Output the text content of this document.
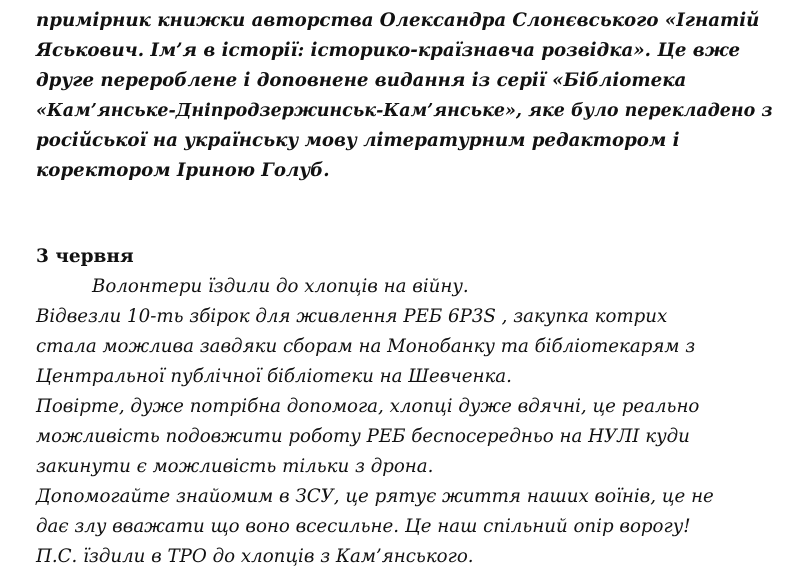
примірник книжки авторства Олександра Слонєвського «Ігнатій
Яськович. Ім’я в історії: історико-країзнавча розвідка». Це вже
друге перероблене і доповнене видання із серії «Бібліотека
«Кам’янське-Дніпродзержинськ-Кам’янське», яке було перекладено з
російської на українську мову літературним редактором і
коректором Іриною Голуб.
3 червня
Волонтери їздили до хлопців на війну.
Відвезли 10-ть збірок для живлення РЕБ 6Р3S , закупка котрих
стала можлива завдяки сборам на Монобанку та бібліотекарям з
Центральної публічної бібліотеки на Шевченка.
Повірте, дуже потрібна допомога, хлопці дуже вдячні, це реально
можливість подовжити роботу РЕБ беспосередньо на НУЛІ куди
закинути є можливість тільки з дрона.
Допомогайте знайомим в ЗСУ, це рятує життя наших воїнів, це не
дає злу вважати що воно всесильне. Це наш спільний опір ворогу!
П.С. їздили в ТРО до хлопців з Кам’янського.
